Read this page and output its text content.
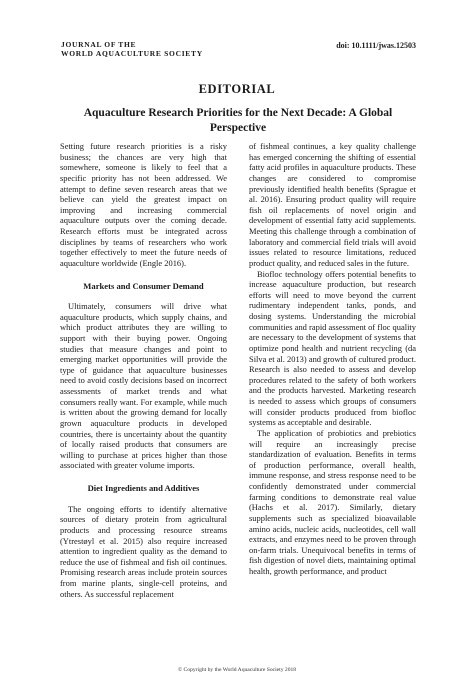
JOURNAL OF THE
WORLD AQUACULTURE SOCIETY
doi: 10.1111/jwas.12503
EDITORIAL
Aquaculture Research Priorities for the Next Decade: A Global
Perspective

Setting future research priorities is a risky business; the chances are very high that somewhere, someone is likely to feel that a specific priority has not been addressed. We attempt to define seven research areas that we believe can yield the greatest impact on improving and increasing commercial aquaculture outputs over the coming decade. Research efforts must be integrated across disciplines by teams of researchers who work together effectively to meet the future needs of aquaculture worldwide (Engle 2016).

Markets and Consumer Demand

Ultimately, consumers will drive what aquaculture products, which supply chains, and which product attributes they are willing to support with their buying power. Ongoing studies that measure changes and point to emerging market opportunities will provide the type of guidance that aquaculture businesses need to avoid costly decisions based on incorrect assessments of market trends and what consumers really want. For example, while much is written about the growing demand for locally grown aquaculture products in developed countries, there is uncertainty about the quantity of locally raised products that consumers are willing to purchase at prices higher than those associated with greater volume imports.

Diet Ingredients and Additives

The ongoing efforts to identify alternative sources of dietary protein from agricultural products and processing resource streams (Ytrestøyl et al. 2015) also require increased attention to ingredient quality as the demand to reduce the use of fishmeal and fish oil continues. Promising research areas include protein sources from marine plants, single-cell proteins, and others. As successful replacement

of fishmeal continues, a key quality challenge has emerged concerning the shifting of essential fatty acid profiles in aquaculture products. These changes are considered to compromise previously identified health benefits (Sprague et al. 2016). Ensuring product quality will require fish oil replacements of novel origin and development of essential fatty acid supplements. Meeting this challenge through a combination of laboratory and commercial field trials will avoid issues related to resource limitations, reduced product quality, and reduced sales in the future.

Biofloc technology offers potential benefits to increase aquaculture production, but research efforts will need to move beyond the current rudimentary independent tanks, ponds, and dosing systems. Understanding the microbial communities and rapid assessment of floc quality are necessary to the development of systems that optimize pond health and nutrient recycling (da Silva et al. 2013) and growth of cultured product. Research is also needed to assess and develop procedures related to the safety of both workers and the products harvested. Marketing research is needed to assess which groups of consumers will consider products produced from biofloc systems as acceptable and desirable.

The application of probiotics and prebiotics will require an increasingly precise standardization of evaluation. Benefits in terms of production performance, overall health, immune response, and stress response need to be confidently demonstrated under commercial farming conditions to demonstrate real value (Hachs et al. 2017). Similarly, dietary supplements such as specialized bioavailable amino acids, nucleic acids, nucleotides, cell wall extracts, and enzymes need to be proven through on-farm trials. Unequivocal benefits in terms of fish digestion of novel diets, maintaining optimal health, growth performance, and product

© Copyright by the World Aquaculture Society 2018
